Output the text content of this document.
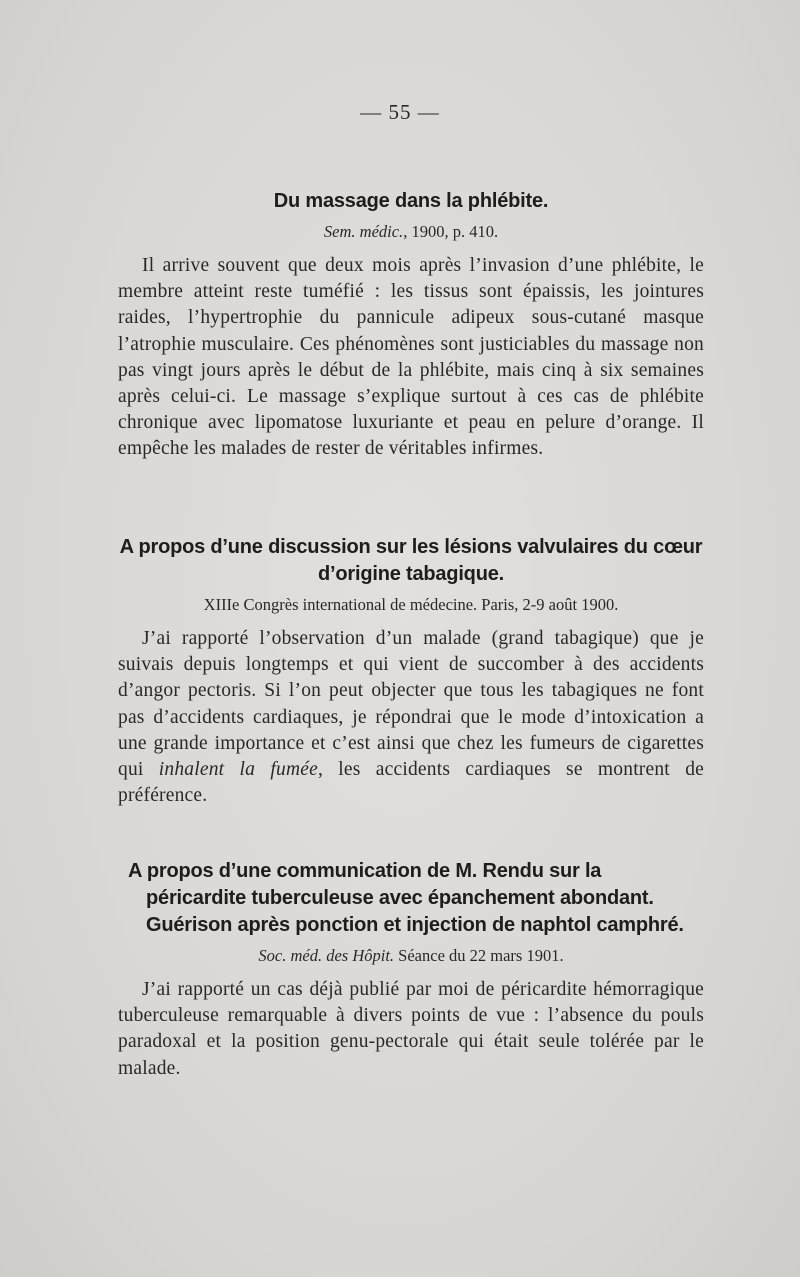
— 55 —
Du massage dans la phlébite.
Sem. médic., 1900, p. 410.

Il arrive souvent que deux mois après l’invasion d’une phlébite, le membre atteint reste tuméfié : les tissus sont épaissis, les jointures raides, l’hypertrophie du pannicule adipeux sous-cutané masque l’atrophie musculaire. Ces phénomènes sont justiciables du massage non pas vingt jours après le début de la phlébite, mais cinq à six semaines après celui-ci. Le massage s’explique surtout à ces cas de phlébite chronique avec lipomatose luxuriante et peau en pelure d’orange. Il empêche les malades de rester de véritables infirmes.

A propos d’une discussion sur les lésions valvulaires du cœur
d’origine tabagique.
XIIIe Congrès international de médecine. Paris, 2-9 août 1900.

J’ai rapporté l’observation d’un malade (grand tabagique) que je suivais depuis longtemps et qui vient de succomber à des accidents d’angor pectoris. Si l’on peut objecter que tous les tabagiques ne font pas d’accidents cardiaques, je répondrai que le mode d’intoxication a une grande importance et c’est ainsi que chez les fumeurs de cigarettes qui inhalent la fumée, les accidents cardiaques se montrent de préférence.

A propos d’une communication de M. Rendu sur la péricardite tuberculeuse avec épanchement abondant. Guérison après ponction et injection de naphtol camphré.
Soc. méd. des Hôpit. Séance du 22 mars 1901.

J’ai rapporté un cas déjà publié par moi de péricardite hémorragique tuberculeuse remarquable à divers points de vue : l’absence du pouls paradoxal et la position genu-pectorale qui était seule tolérée par le malade.
